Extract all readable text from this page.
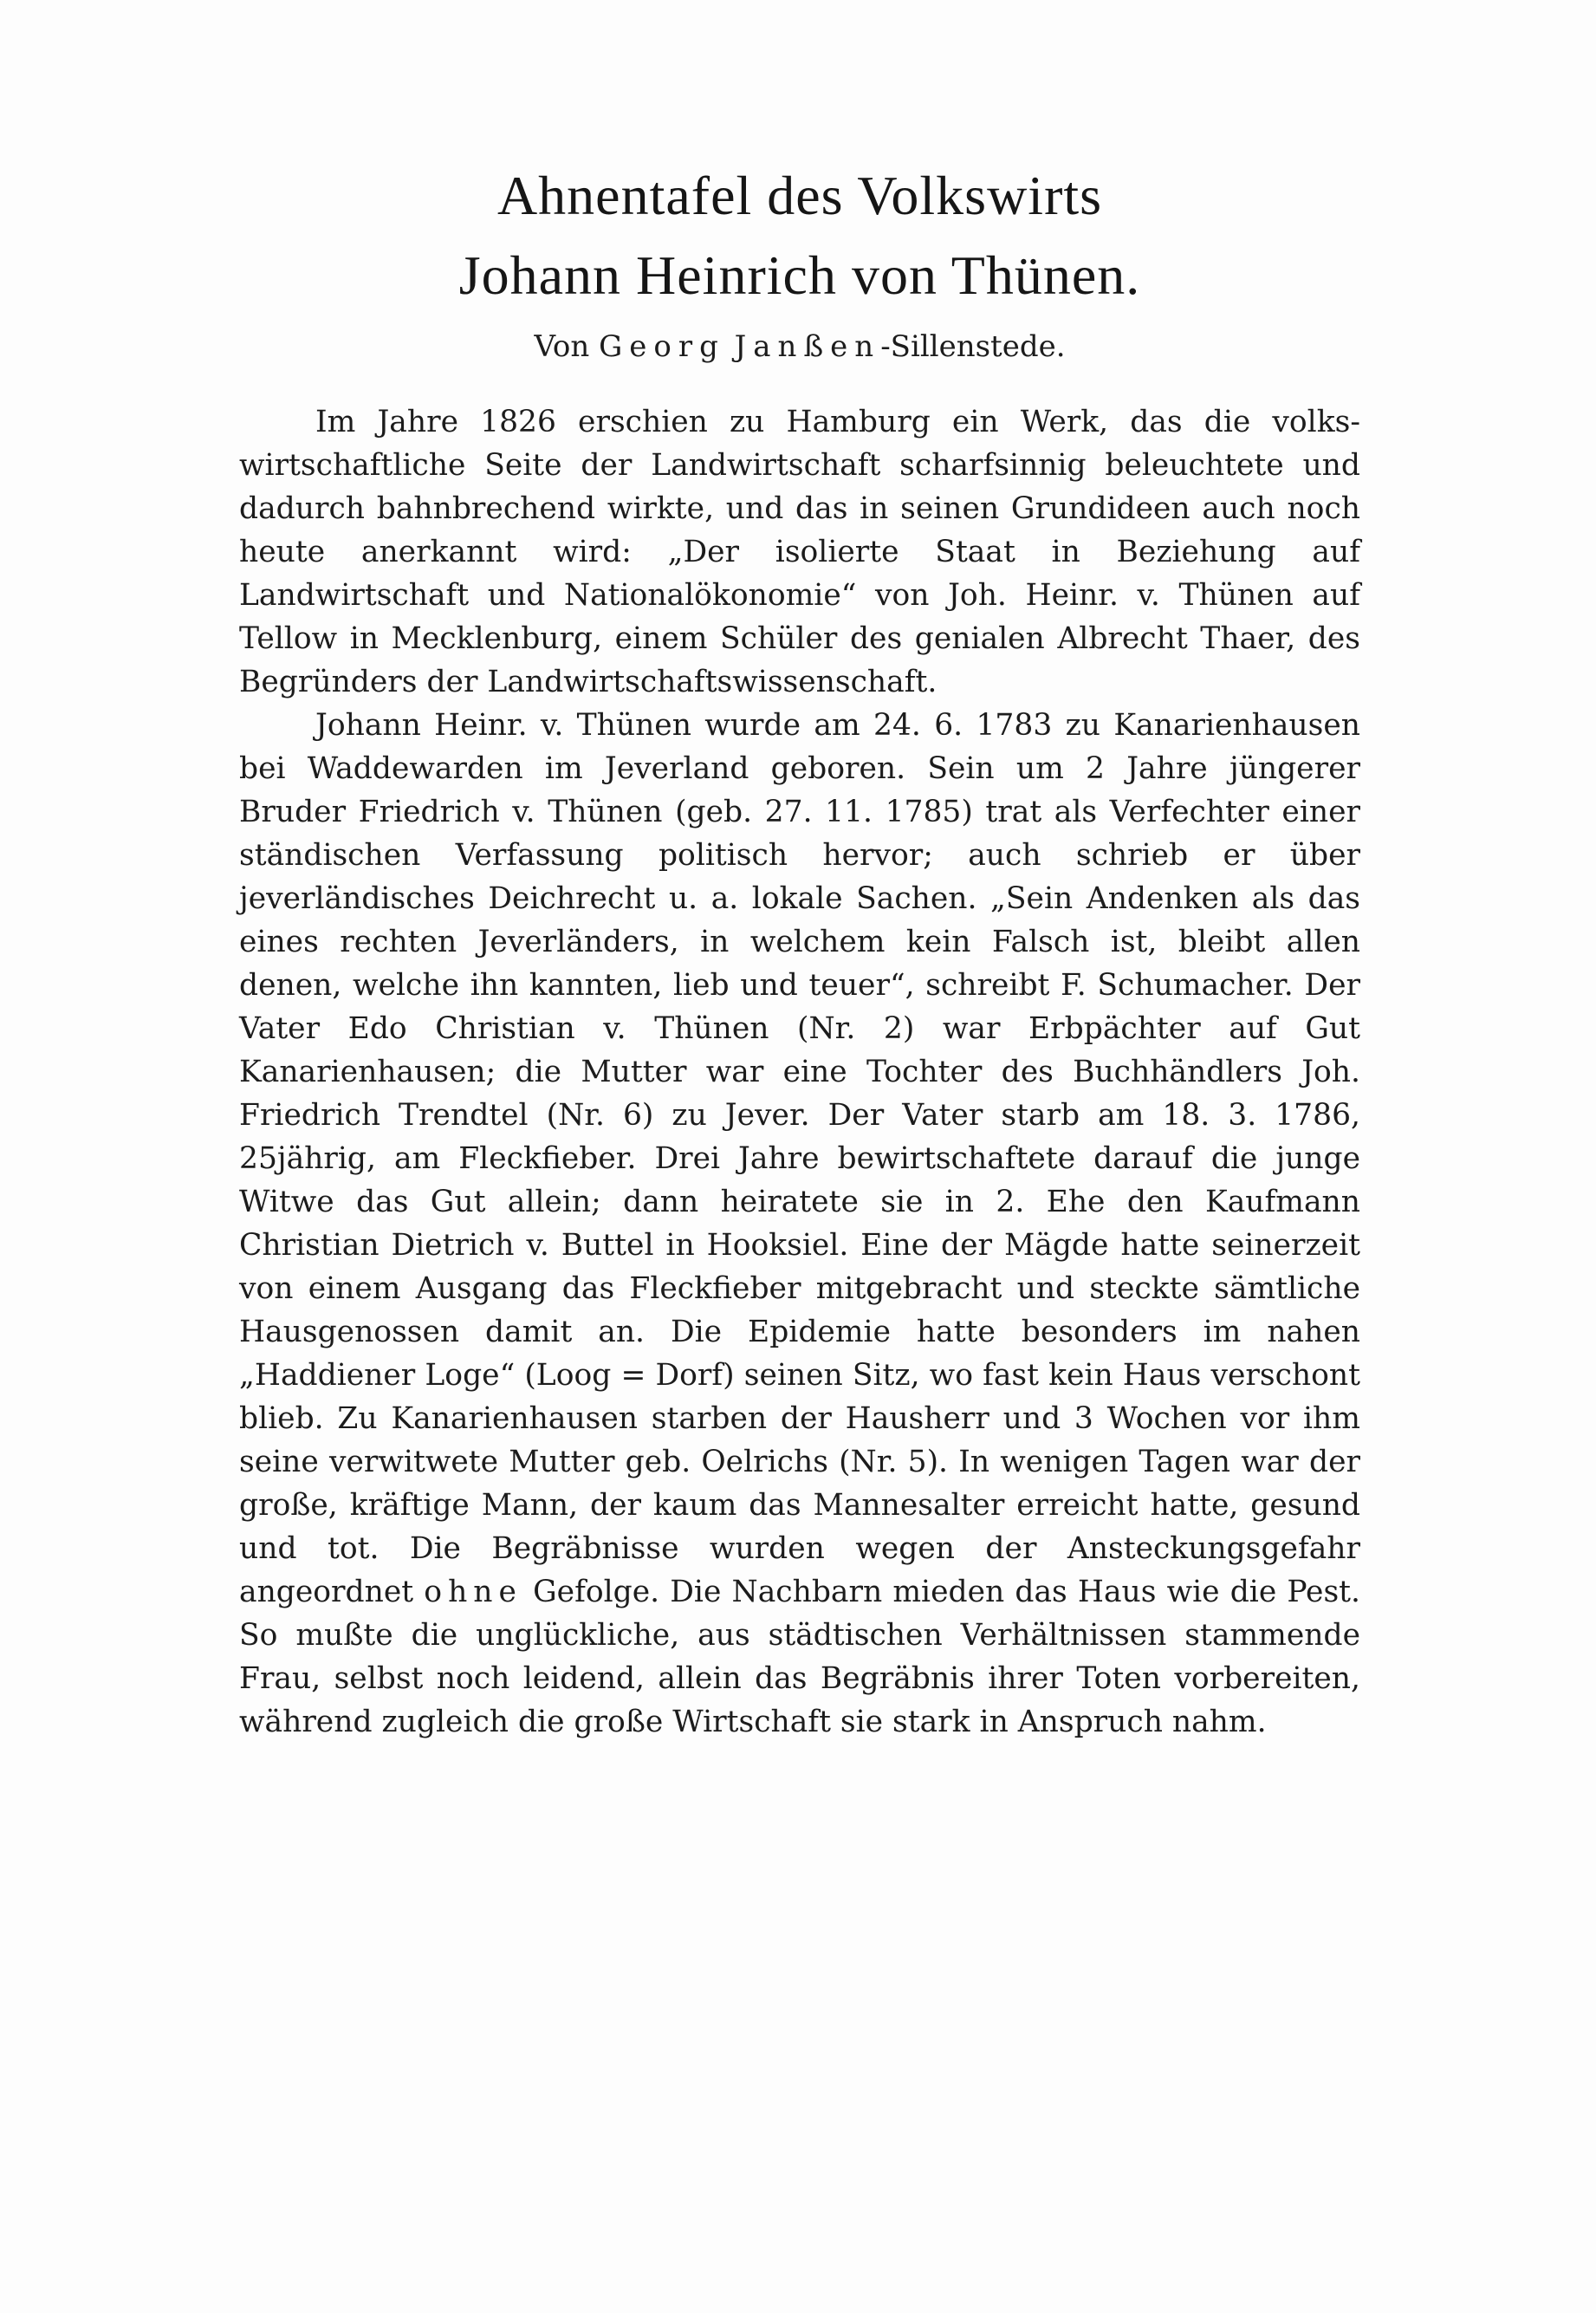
Ahnentafel des Volkswirts
Johann Heinrich von Thünen.
Von Georg Janßen-Sillenstede.

Im Jahre 1826 erschien zu Hamburg ein Werk, das die volkswirtschaftliche Seite der Landwirtschaft scharfsinnig beleuchtete und dadurch bahnbrechend wirkte, und das in seinen Grundideen auch noch heute anerkannt wird: „Der isolierte Staat in Beziehung auf Landwirtschaft und Nationalökonomie“ von Joh. Heinr. v. Thünen auf Tellow in Mecklenburg, einem Schüler des genialen Albrecht Thaer, des Begründers der Landwirtschaftswissenschaft.

Johann Heinr. v. Thünen wurde am 24. 6. 1783 zu Kanarienhausen bei Waddewarden im Jeverland geboren. Sein um 2 Jahre jüngerer Bruder Friedrich v. Thünen (geb. 27. 11. 1785) trat als Verfechter einer ständischen Verfassung politisch hervor; auch schrieb er über jeverländisches Deichrecht u. a. lokale Sachen. „Sein Andenken als das eines rechten Jeverländers, in welchem kein Falsch ist, bleibt allen denen, welche ihn kannten, lieb und teuer“, schreibt F. Schumacher. Der Vater Edo Christian v. Thünen (Nr. 2) war Erbpächter auf Gut Kanarienhausen; die Mutter war eine Tochter des Buchhändlers Joh. Friedrich Trendtel (Nr. 6) zu Jever. Der Vater starb am 18. 3. 1786, 25jährig, am Fleckfieber. Drei Jahre bewirtschaftete darauf die junge Witwe das Gut allein; dann heiratete sie in 2. Ehe den Kaufmann Christian Dietrich v. Buttel in Hooksiel. Eine der Mägde hatte seinerzeit von einem Ausgang das Fleckfieber mitgebracht und steckte sämtliche Hausgenossen damit an. Die Epidemie hatte besonders im nahen „Haddiener Loge“ (Loog = Dorf) seinen Sitz, wo fast kein Haus verschont blieb. Zu Kanarienhausen starben der Hausherr und 3 Wochen vor ihm seine verwitwete Mutter geb. Oelrichs (Nr. 5). In wenigen Tagen war der große, kräftige Mann, der kaum das Mannesalter erreicht hatte, gesund und tot. Die Begräbnisse wurden wegen der Ansteckungsgefahr angeordnet ohne Gefolge. Die Nachbarn mieden das Haus wie die Pest. So mußte die unglückliche, aus städtischen Verhältnissen stammende Frau, selbst noch leidend, allein das Begräbnis ihrer Toten vorbereiten, während zugleich die große Wirtschaft sie stark in Anspruch nahm.
